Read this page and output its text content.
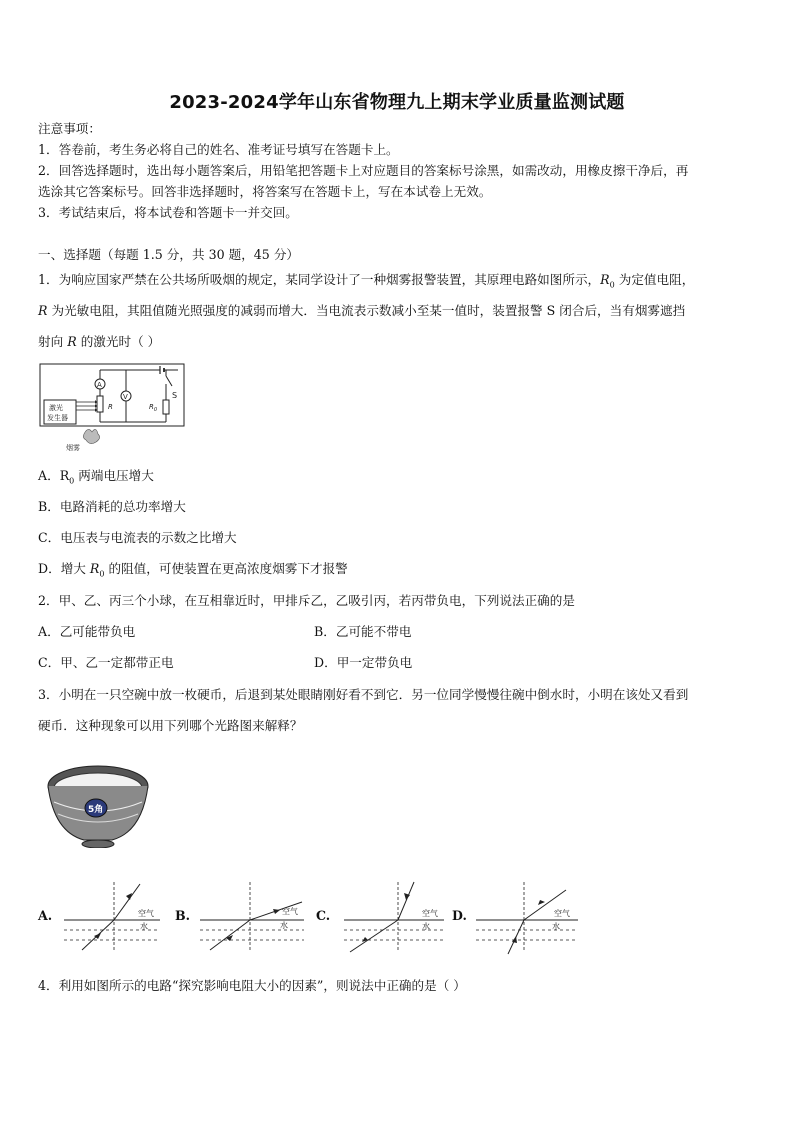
2023-2024学年山东省物理九上期末学业质量监测试题
注意事项：
1．答卷前，考生务必将自己的姓名、准考证号填写在答题卡上。
2．回答选择题时，选出每小题答案后，用铅笔把答题卡上对应题目的答案标号涂黑，如需改动，用橡皮擦干净后，再
选涂其它答案标号。回答非选择题时，将答案写在答题卡上，写在本试卷上无效。
3．考试结束后，将本试卷和答题卡一并交回。
一、选择题（每题 1.5 分，共 30 题，45 分）
1．为响应国家严禁在公共场所吸烟的规定，某同学设计了一种烟雾报警装置，其原理电路如图所示，$R_0$ 为定值电阻，
R 为光敏电阻，其阻值随光照强度的减弱而增大．当电流表示数减小至某一值时，装置报警 S 闭合后，当有烟雾遮挡
射向 R 的激光时（ ）
S
$R_0$
A
V
R
激光
发生器
烟雾
A．$R_0$ 两端电压增大
B．电路消耗的总功率增大
C．电压表与电流表的示数之比增大
D．增大 $R_0$ 的阻值，可使装置在更高浓度烟雾下才报警
2．甲、乙、丙三个小球，在互相靠近时，甲排斥乙，乙吸引丙，若丙带负电，下列说法正确的是
A．乙可能带负电	B．乙可能不带电
C．甲、乙一定都带正电	D．甲一定带负电
3．小明在一只空碗中放一枚硬币，后退到某处眼睛刚好看不到它．另一位同学慢慢往碗中倒水时，小明在该处又看到
硬币．这种现象可以用下列哪个光路图来解释？
5角
A.	空气
水
B.	空气
水
C.	空气
水
D.	空气
水
4．利用如图所示的电路“探究影响电阻大小的因素”，则说法中正确的是（ ）
